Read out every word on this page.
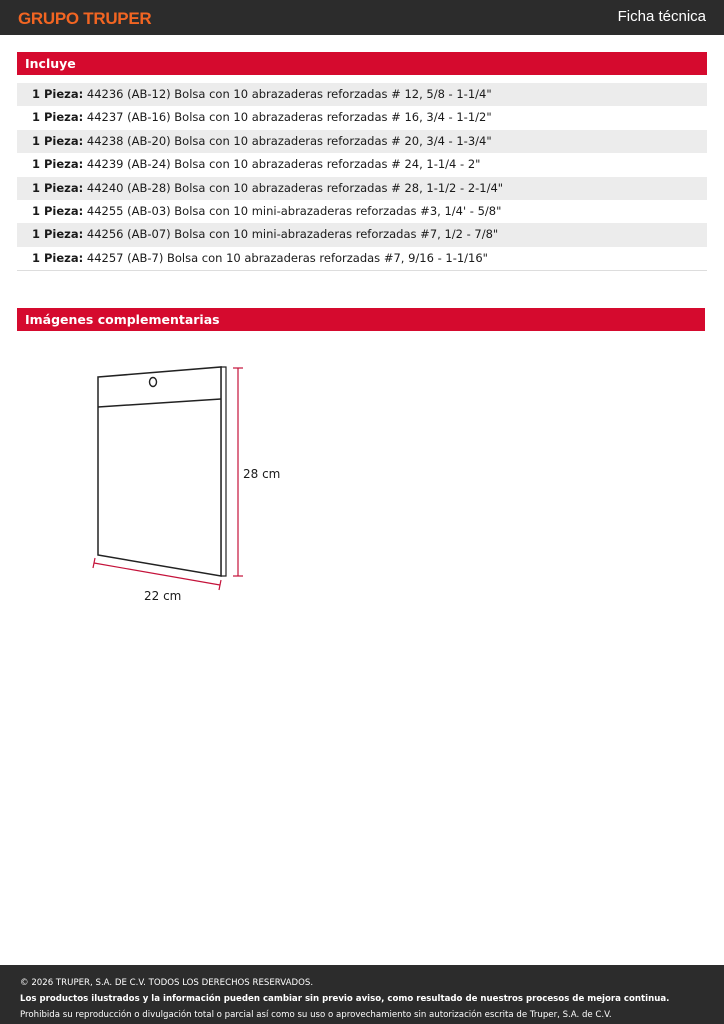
GRUPO TRUPER	Ficha técnica
Incluye
1 Pieza: 44236 (AB-12) Bolsa con 10 abrazaderas reforzadas # 12, 5/8 - 1-1/4"
1 Pieza: 44237 (AB-16) Bolsa con 10 abrazaderas reforzadas # 16, 3/4 - 1-1/2"
1 Pieza: 44238 (AB-20) Bolsa con 10 abrazaderas reforzadas # 20, 3/4 - 1-3/4"
1 Pieza: 44239 (AB-24) Bolsa con 10 abrazaderas reforzadas # 24, 1-1/4 - 2"
1 Pieza: 44240 (AB-28) Bolsa con 10 abrazaderas reforzadas # 28, 1-1/2 - 2-1/4"
1 Pieza: 44255 (AB-03) Bolsa con 10 mini-abrazaderas reforzadas #3, 1/4' - 5/8"
1 Pieza: 44256 (AB-07) Bolsa con 10 mini-abrazaderas reforzadas #7, 1/2 - 7/8"
1 Pieza: 44257 (AB-7) Bolsa con 10 abrazaderas reforzadas #7, 9/16 - 1-1/16"
Imágenes complementarias
28 cm
22 cm
© 2026 TRUPER, S.A. DE C.V. TODOS LOS DERECHOS RESERVADOS.
Los productos ilustrados y la información pueden cambiar sin previo aviso, como resultado de nuestros procesos de mejora continua.
Prohibida su reproducción o divulgación total o parcial así como su uso o aprovechamiento sin autorización escrita de Truper, S.A. de C.V.
